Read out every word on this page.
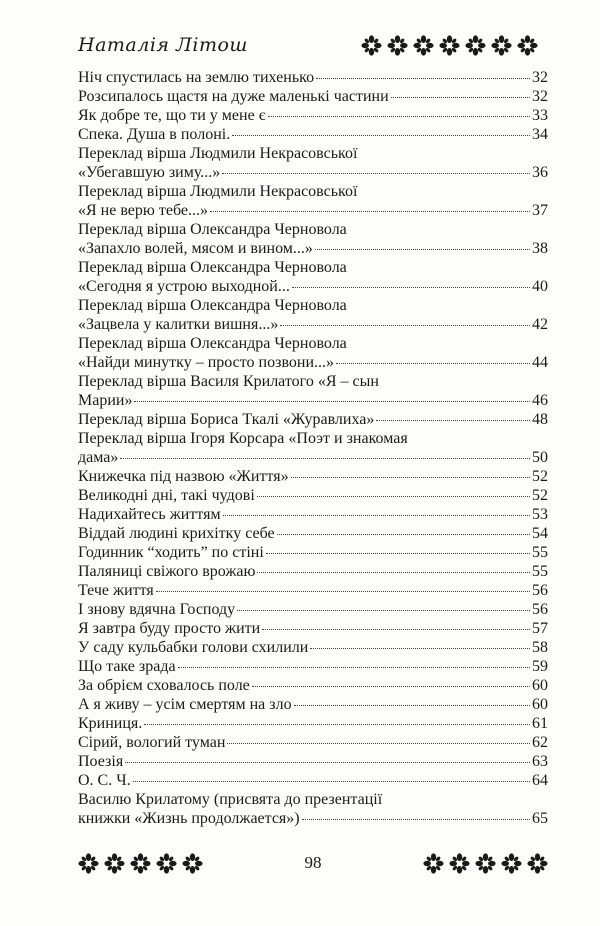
Наталія Літош
Ніч спустилась на землю тихенько	32
Розсипалось щастя на дуже маленькі частини	32
Як добре те, що ти у мене є	33
Спека. Душа в полоні.	34
Переклад вірша Людмили Некрасовської
«Убегавшую зиму...»	36
Переклад вірша Людмили Некрасовської
«Я не верю тебе...»	37
Переклад вірша Олександра Черновола
«Запахло волей, мясом и вином...»	38
Переклад вірша Олександра Черновола
«Сегодня я устрою выходной...	40
Переклад вірша Олександра Черновола
«Зацвела у калитки вишня...»	42
Переклад вірша Олександра Черновола
«Найди минутку – просто позвони...»	44
Переклад вірша Василя Крилатого «Я – сын
Марии»	46
Переклад вірша Бориса Ткалі «Журавлиха»	48
Переклад вірша Ігоря Корсара «Поэт и знакомая
дама»	50
Книжечка під назвою «Життя»	52
Великодні дні, такі чудові	52
Надихайтесь життям	53
Віддай людині крихітку себе	54
Годинник “ходить” по стіні	55
Паляниці свіжого врожаю	55
Тече життя	56
І знову вдячна Господу	56
Я завтра буду просто жити	57
У саду кульбабки голови схилили	58
Що таке зрада	59
За обрієм сховалось поле	60
А я живу – усім смертям на зло	60
Криниця.	61
Сірий, вологий туман	62
Поезія	63
О. С. Ч.	64
Василю Крилатому (присвята до презентації
книжки «Жизнь продолжается»)	65
98
